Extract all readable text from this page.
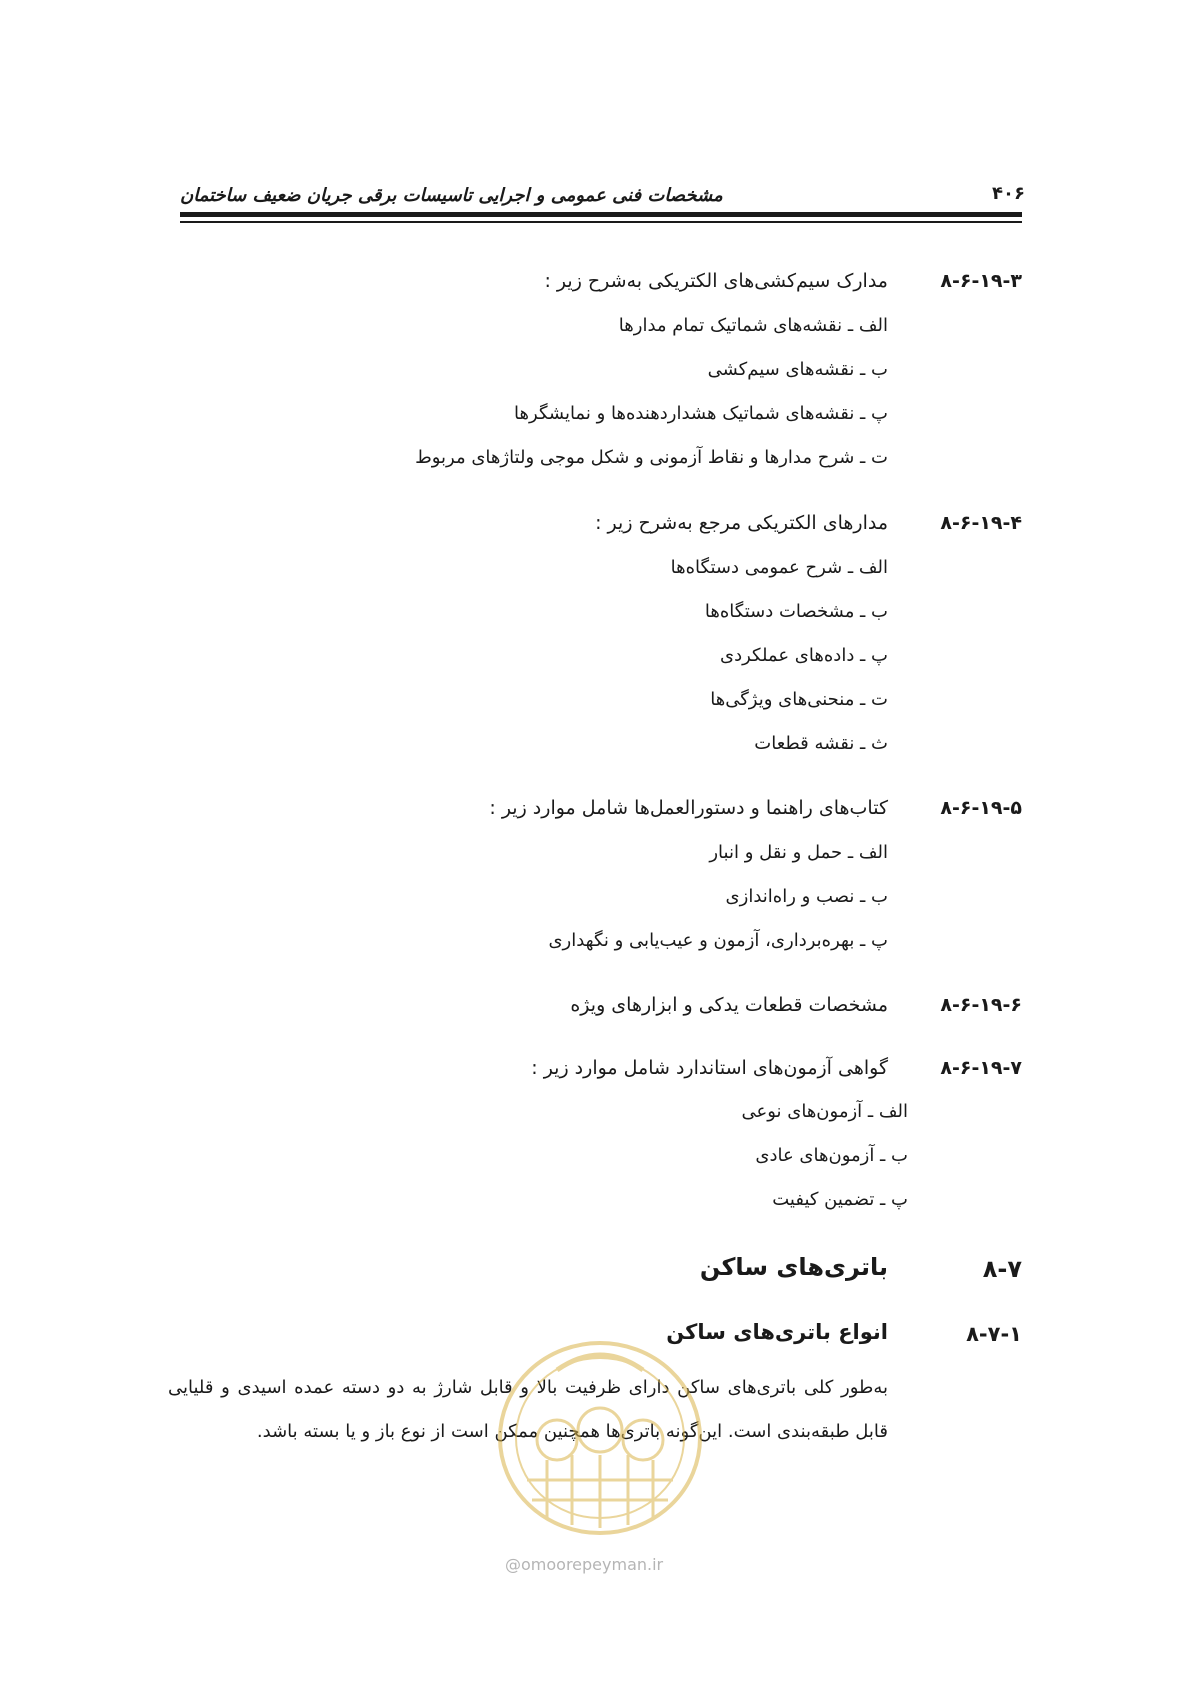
مشخصات فنی عمومی و اجرایی تاسیسات برقی جریان ضعیف ساختمان	۴۰۶
۸-۶-۱۹-۳
مدارک سیم‌کشی‌های الکتریکی به‌شرح زیر :
الف ـ نقشه‌های شماتیک تمام مدارها
ب ـ نقشه‌های سیم‌کشی
پ ـ نقشه‌های شماتیک هشداردهنده‌ها و نمایشگرها
ت ـ شرح مدارها و نقاط آزمونی و شکل موجی ولتاژهای مربوط
۸-۶-۱۹-۴
مدارهای الکتریکی مرجع به‌شرح زیر :
الف ـ شرح عمومی دستگاه‌ها
ب ـ مشخصات دستگاه‌ها
پ ـ داده‌های عملکردی
ت ـ منحنی‌های ویژگی‌ها
ث ـ نقشه قطعات
۸-۶-۱۹-۵
کتاب‌های راهنما و دستورالعمل‌ها شامل موارد زیر :
الف ـ حمل و نقل و انبار
ب ـ نصب و راه‌اندازی
پ ـ بهره‌برداری، آزمون و عیب‌یابی و نگهداری
۸-۶-۱۹-۶
مشخصات قطعات یدکی و ابزارهای ویژه
۸-۶-۱۹-۷
گواهی آزمون‌های استاندارد شامل موارد زیر :
الف ـ آزمون‌های نوعی
ب ـ آزمون‌های عادی
پ ـ تضمین کیفیت
۸-۷
باتری‌های ساکن
۸-۷-۱
انواع باتری‌های ساکن
به‌طور کلی باتری‌های ساکن دارای ظرفیت بالا و قابل شارژ به دو دسته عمده اسیدی و قلیایی قابل طبقه‌بندی است. این‌گونه باتری‌ها همچنین ممکن است از نوع باز و یا بسته باشد.
@omoorepeyman.ir
